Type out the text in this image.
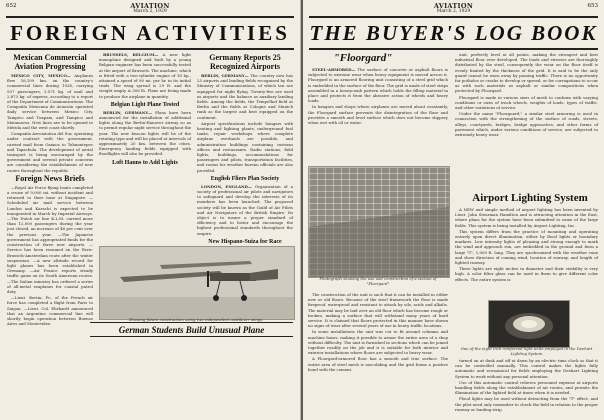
652	AVIATION
March 2, 1929
FOREIGN ACTIVITIES
Mexican Commercial
Aviation Progressing

MEXICO CITY, MEXICO— Airplanes flew 16,109 km. on the country's commercial lines during 1928, carrying 507 passengers, 3,571 kg. of mail and 2,873 kg. of express, according to a report of the Department of Communications. The Compañía Mexicana de Aviación operated daily service between Mexico City, Tampico and Tuxpam, and Tampico and Matamoros. New lines are to be opened to Mérida and the west coast shortly.

Compañía Aeronáutica del Sur, operating under contract with the government, carried mail from Oaxaca to Tehuantepec and Tapachula. The development of aerial transport is being encouraged by the government and several private concerns are considering the establishment of new routes throughout the republic.

Foreign News Briefs

—Royal Air Force flying boats completed a cruise of 9,000 mi. without incident and returned to their base at Singapore. —Scheduled air mail service between London and Karachi is expected to be inaugurated in March by Imperial Airways. —The Dutch air line K.L.M. carried more than 12,000 passengers during the year just closed, an increase of 46 per cent over the previous year. —The Japanese government has appropriated funds for the construction of three new airports. —Service has been resumed on the Paris-Brussels-Amsterdam route after the winter suspension. —A new altitude record for light planes has been established in Germany. —Air France reports steady traffic gains on its South American routes. —The Italian ministry has ordered a series of all-metal seaplanes for coastal patrol duty.

—Lieut. Bertin, Fr., of the French air force has completed a flight from Paris to Saigon. —Lieut. Col. Ehrhardt announced that an Argentine commercial line will shortly begin operation between Buenos Aires and Montevideo.

BRUSSELS, BELGIUM— A new light monoplane designed and built by a young Belgian engineer has been successfully tested at the airport of Brussels. The machine, which is fitted with a two-cylinder engine of 16 hp., attained a speed of 90 mi. per hr. in its initial trials. The wing spread is 29 ft. and the weight empty is 308 lb. Plans are being made to produce the airplane in quantity.

Belgian Light Plane Tested

BERLIN, GERMANY— Plans have been announced for the installation of additional lights along the Berlin-Hanover airway so as to permit regular night service throughout the year. The new beacon lights will be of the rotating type and will be placed at intervals of approximately 20 km. between the cities. Emergency landing fields equipped with floodlights will also be provided.

Loft Hanns to Add Lights
Germany Reports 25
Recognized Airports

BERLIN, GERMANY— The country now has 25 airports and landing fields recognized by the Ministry of Communications, of which ten are equipped for night flying. Twenty-five are used as airports and the balance as auxiliary landing fields. Among the fields, the Tempelhof field at Berlin and the fields at Cologne and Munich rank as the largest and best equipped on the continent.

Airport specifications include hangars with heating and lighting plants, underground fuel tanks, repair workshops where complete airplane overhauls are possible, and administration buildings containing customs offices and restaurants. Radio stations, field lights, buildings, accommodations for passengers and pilots, transportation facilities, and rooms for weather bureau officials are also provided.

English Fliers Plan Society

LONDON, ENGLAND— Organization of a society of professional air pilots and navigators to safeguard and develop the interests of its members has been launched. The proposed society will be known as the Guild of Air Pilots and Air Navigators of the British Empire. Its object is to insure a proper standard of efficiency and to foster and encourage the highest professional standards throughout the empire.

New Hispano-Suiza for Race

Showing future construction using two independent cantilever wings.
German Students Build Unusual Plane
AVIATION
March 2, 1929
653
THE BUYER'S LOG BOOK
"Floorgard"

STEEL-ARMORED— The surface of concrete or asphalt floors is subjected to extreme wear when heavy equipment is moved across it. Floorgard is an armored flooring unit consisting of a steel grid which is embedded in the surface of the floor. The grid is made of steel strips assembled in a honeycomb pattern which holds the filling material in place and protects it from the abrasive action of wheels and heavy loads.

In hangars and shops where airplanes are moved about constantly, the Floorgard surface prevents the disintegration of the floor and provides a smooth and level surface which does not become slippery when wet with oil or water.

Photograph showing the use and construction of a section of "Floorgard"

The construction of the unit is such that it can be installed in either new or old floors. Because of the steel framework the floor is made fireproof, waterproof and resistant to attack by oils, acids and alkalis. The material may be laid over an old floor which has become rough or broken, making a surface that will withstand many years of hard service. It is claimed that floors protected in this manner have shown no signs of wear after several years of use in heavy traffic locations.

In some installations the unit was cut to fit around columns and machine bases, making it possible to armor the entire area of a shop without difficulty. The unit is furnished in sections which can be joined together readily on the job and it is suitable for both interior and exterior installations where floors are subjected to heavy wear.

A Floorgard-armored floor has a smooth and true surface. The entire area of steel mesh is non-sliding and the grid forms a positive bond with the cement.

unit, perfectly level at all points, making the strongest and best industrial floor ever developed. The loads and stresses are thoroughly distributed by the steel, consequently the wear on the floor itself is evenly limited by the thickness of the grid. It is said to be the only guard cannot be worn away by passing traffic. There is no opportunity for potholes or cracks to develop or spread, or for corrugations to occur as with such materials as asphalt or similar compositions when protected by Floorgard.

Floorgard is made in various sizes of mesh to conform with varying conditions or sizes of truck wheels, weights of loads, types of traffic, and other variations of service.

Under the name "Floorguard," a similar steel armoring is used in connection with the strengthening of the surface of roads, streets, alleys, courtyards, bridges, bridge approaches, and other forms of pavement which, under various conditions of service, are subjected to extremely heavy wear.

Airport Lighting System

A NEW and simple method of airport lighting has been invented by Lieut. John Stearman Hamilton and is attracting attention in the East, where plans for the system have been submitted to some of the large fields. This system is being installed by Airport Lighting, Inc.

This system differs from the practice of mounting and operating entirely upon direct illumination, either by flood lights or boundary markers. Low intensity lights of pleasing and strong enough to mark the wind and approach run, are embedded in the ground and form a large "T", 1,000 ft. long. They are synchronized with the weather vane and show direction of coming wind, location of runway, and length of lighted runway.

These lights are eight inches in diameter and their visibility is very high. A color filter glass can be used in them to give different color effects. The entire system is

One of the eight inch reinforced light units employed in the Deehart Lighting System

turned on at dusk and off at dawn by an electric time clock so that it can be controlled manually. This control makes the lights fully automatic and economical for fields employing the Deehart Lighting System to work without any personal attention.

Use of this automatic control relieves personnel expense at airports handling fields along the establishment of air routes, and permits the illumination of the lighted field at times when it is needed.

Flood lights may be used without detracting from the "T" effect, and the pilot need only remember to check the field in relation to the proper runway or landing strip.
